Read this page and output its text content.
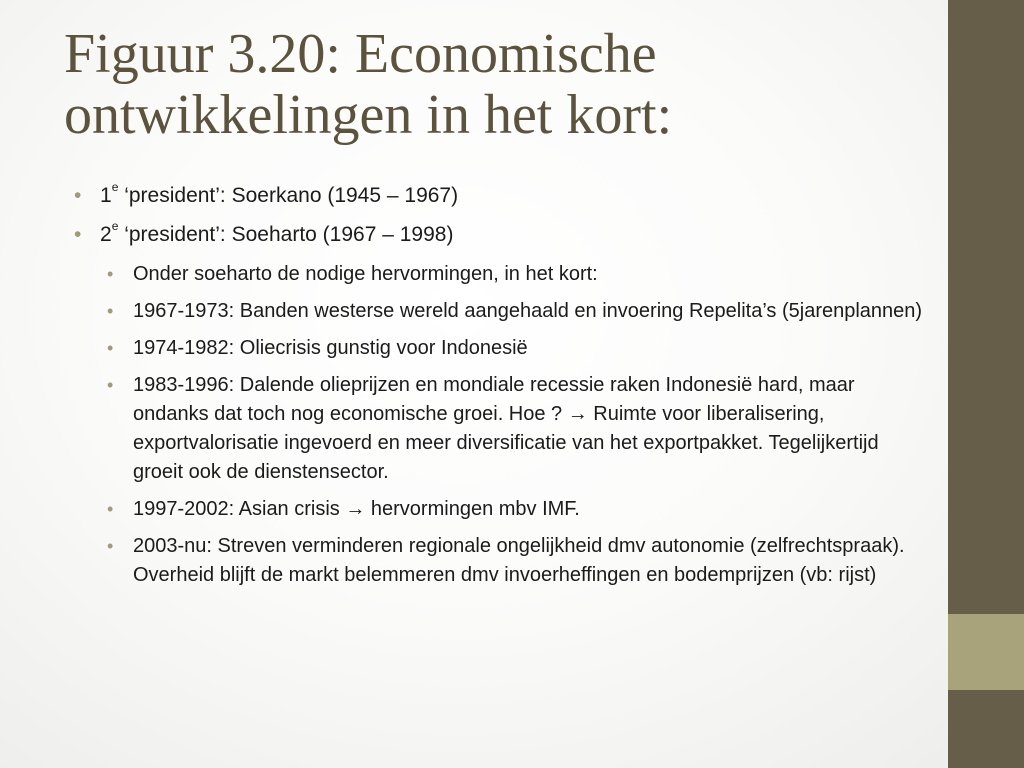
Figuur 3.20: Economische ontwikkelingen in het kort:
• 1e ‘president’: Soerkano (1945 – 1967)
• 2e ‘president’: Soeharto (1967 – 1998)
• Onder soeharto de nodige hervormingen, in het kort:
• 1967-1973: Banden westerse wereld aangehaald en invoering Repelita’s (5jarenplannen)
• 1974-1982: Oliecrisis gunstig voor Indonesië
• 1983-1996: Dalende olieprijzen en mondiale recessie raken Indonesië hard, maar ondanks dat toch nog economische groei. Hoe ? → Ruimte voor liberalisering, exportvalorisatie ingevoerd en meer diversificatie van het exportpakket. Tegelijkertijd groeit ook de dienstensector.
• 1997-2002: Asian crisis → hervormingen mbv IMF.
• 2003-nu: Streven verminderen regionale ongelijkheid dmv autonomie (zelfrechtspraak). Overheid blijft de markt belemmeren dmv invoerheffingen en bodemprijzen (vb: rijst)
